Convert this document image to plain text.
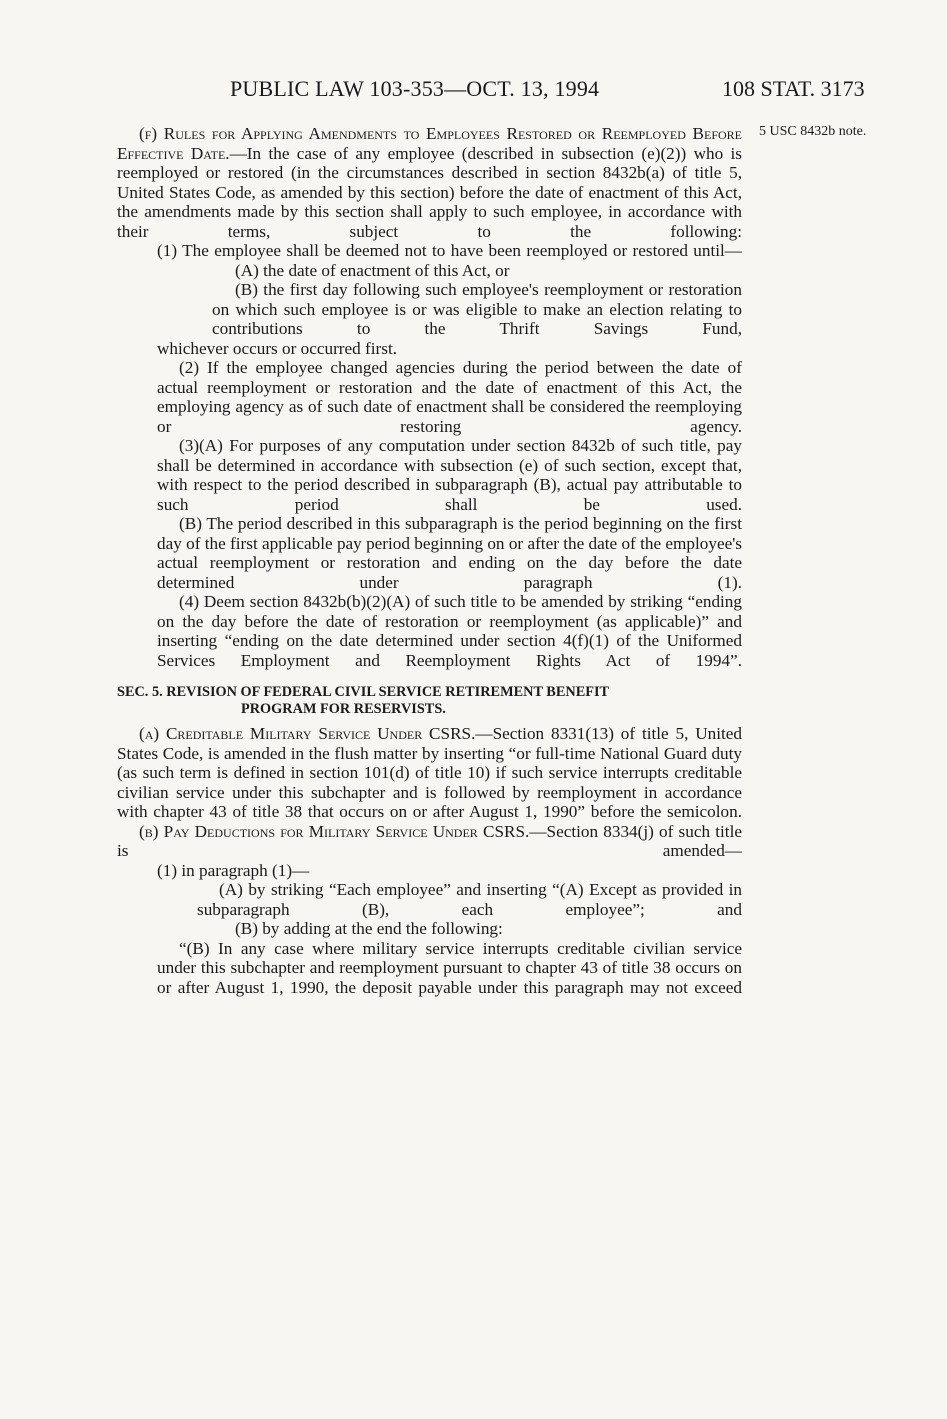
PUBLIC LAW 103-353—OCT. 13, 1994	108 STAT. 3173
5 USC 8432b note.

(f) Rules for Applying Amendments to Employees Restored or Reemployed Before Effective Date.—In the case of any employee (described in subsection (e)(2)) who is reemployed or restored (in the circumstances described in section 8432b(a) of title 5, United States Code, as amended by this section) before the date of enactment of this Act, the amendments made by this section shall apply to such employee, in accordance with their terms, subject to the following:

(1) The employee shall be deemed not to have been reemployed or restored until—

(A) the date of enactment of this Act, or

(B) the first day following such employee's reemployment or restoration on which such employee is or was eligible to make an election relating to contributions to the Thrift Savings Fund,

whichever occurs or occurred first.

(2) If the employee changed agencies during the period between the date of actual reemployment or restoration and the date of enactment of this Act, the employing agency as of such date of enactment shall be considered the reemploying or restoring agency.

(3)(A) For purposes of any computation under section 8432b of such title, pay shall be determined in accordance with subsection (e) of such section, except that, with respect to the period described in subparagraph (B), actual pay attributable to such period shall be used.

(B) The period described in this subparagraph is the period beginning on the first day of the first applicable pay period beginning on or after the date of the employee's actual reemployment or restoration and ending on the day before the date determined under paragraph (1).

(4) Deem section 8432b(b)(2)(A) of such title to be amended by striking “ending on the day before the date of restoration or reemployment (as applicable)” and inserting “ending on the date determined under section 4(f)(1) of the Uniformed Services Employment and Reemployment Rights Act of 1994”.

SEC. 5. REVISION OF FEDERAL CIVIL SERVICE RETIREMENT BENEFIT
PROGRAM FOR RESERVISTS.

(a) Creditable Military Service Under CSRS.—Section 8331(13) of title 5, United States Code, is amended in the flush matter by inserting “or full-time National Guard duty (as such term is defined in section 101(d) of title 10) if such service interrupts creditable civilian service under this subchapter and is followed by reemployment in accordance with chapter 43 of title 38 that occurs on or after August 1, 1990” before the semicolon.

(b) Pay Deductions for Military Service Under CSRS.—Section 8334(j) of such title is amended—

(1) in paragraph (1)—

(A) by striking “Each employee” and inserting “(A) Except as provided in subparagraph (B), each employee”; and

(B) by adding at the end the following:

“(B) In any case where military service interrupts creditable civilian service under this subchapter and reemployment pursuant to chapter 43 of title 38 occurs on or after August 1, 1990, the deposit payable under this paragraph may not exceed
